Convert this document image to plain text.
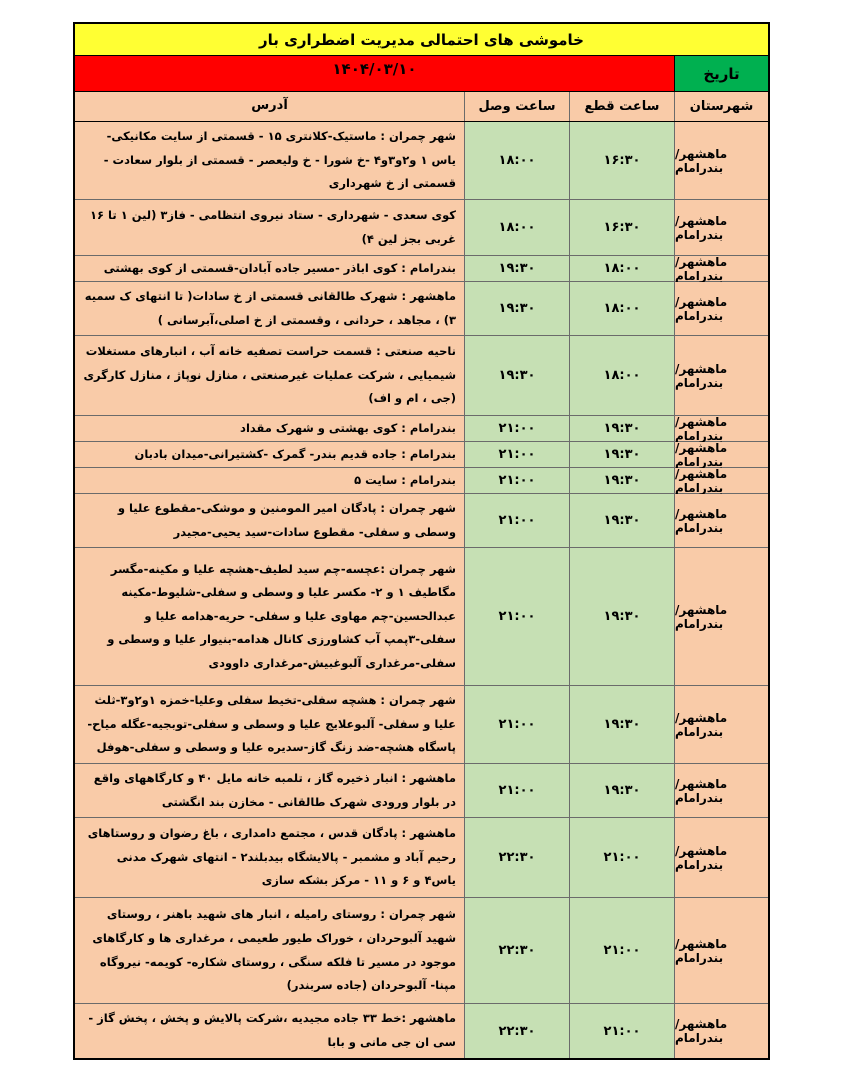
خاموشی های احتمالی مدیریت اضطراری بار
تاریخ
۱۴۰۴/۰۳/۱۰
شهرستان
ساعت قطع
ساعت وصل
آدرس
ماهشهر/بندرامام
۱۶:۳۰
۱۸:۰۰
شهر چمران : ماستیک-کلانتری ۱۵ - قسمتی از سایت مکانیکی-یاس ۱ و۲و۳و۴ -خ شورا - خ ولیعصر - قسمتی از بلوار سعادت - قسمتی از خ شهرداری
ماهشهر/بندرامام
۱۶:۳۰
۱۸:۰۰
کوی سعدی - شهرداری - ستاد نیروی انتظامی - فاز۳ (لین ۱ تا ۱۶ غربی بجز لین ۴)
ماهشهر/بندرامام
۱۸:۰۰
۱۹:۳۰
بندرامام : کوی اباذر -مسیر جاده آبادان-قسمتی از کوی بهشتی
ماهشهر/بندرامام
۱۸:۰۰
۱۹:۳۰
ماهشهر : شهرک طالقانی قسمتی از خ سادات( تا انتهای ک سمیه ۳) ، مجاهد ، حردانی ، وقسمتی از خ اصلی،آبرسانی )
ماهشهر/بندرامام
۱۸:۰۰
۱۹:۳۰
ناحیه صنعتی : قسمت حراست تصفیه خانه آب ، انبارهای مستغلات شیمیایی ، شرکت عملیات غیرصنعتی ، منازل نوپاژ ، منازل کارگری (جی ، ام و اف)
ماهشهر/بندرامام
۱۹:۳۰
۲۱:۰۰
بندرامام : کوی بهشتی و شهرک مقداد
ماهشهر/بندرامام
۱۹:۳۰
۲۱:۰۰
بندرامام : جاده قدیم بندر- گمرک -کشتیرانی-میدان بادبان
ماهشهر/بندرامام
۱۹:۳۰
۲۱:۰۰
بندرامام : سایت ۵
ماهشهر/بندرامام
۱۹:۳۰
۲۱:۰۰
شهر چمران : پادگان امیر المومنین و موشکی-مقطوع علیا و وسطی و سفلی- مقطوع سادات-سید یحیی-مجیدر
ماهشهر/بندرامام
۱۹:۳۰
۲۱:۰۰
شهر چمران :عچسه-چم سید لطیف-هشچه علیا و مکینه-مگسر مگاطیف ۱ و ۲- مکسر علیا و وسطی و سفلی-شلیوط-مکینه عبدالحسین-چم مهاوی علیا و سفلی- حریه-هدامه علیا و سفلی-۳پمپ آب کشاورزی کانال هدامه-بنیوار علیا و وسطی و سفلی-مرغداری آلبوغبیش-مرغداری داوودی
ماهشهر/بندرامام
۱۹:۳۰
۲۱:۰۰
شهر چمران : هشچه سفلی-تخیط سفلی وعلیا-خمزه ۱و۲و۳-ثلث علیا و سفلی- آلبوعلایج علیا و وسطی و سفلی-توبجیه-عگله میاح-پاسگاه هشچه-ضد زنگ گاز-سدیره علیا و وسطی و سفلی-هوفل
ماهشهر/بندرامام
۱۹:۳۰
۲۱:۰۰
ماهشهر : انبار ذخیره گاز ، تلمبه خانه مایل ۴۰ و کارگاههای واقع در بلوار ورودی شهرک طالقانی - مخازن بند انگشتی
ماهشهر/بندرامام
۲۱:۰۰
۲۲:۳۰
ماهشهر : پادگان قدس ، مجتمع دامداری ، باغ رضوان و روستاهای رحیم آباد و مشمبر - پالایشگاه بیدبلند۲ - انتهای شهرک مدنی یاس۴ و ۶ و ۱۱ - مرکز بشکه سازی
ماهشهر/بندرامام
۲۱:۰۰
۲۲:۳۰
شهر چمران : روستای رامیله ، انبار های شهید باهنر ، روستای شهید آلبوحردان ، خوراک طیور طعیمی ، مرغداری ها و کارگاهای موجود در مسیر تا فلکه سنگی ، روستای شکاره- کویمه- نیروگاه مپنا- آلبوحردان (جاده سربندر)
ماهشهر/بندرامام
۲۱:۰۰
۲۲:۳۰
ماهشهر :خط ۳۳ جاده مجیدیه ،شرکت پالایش و پخش ، پخش گاز - سی ان جی مانی و بابا
